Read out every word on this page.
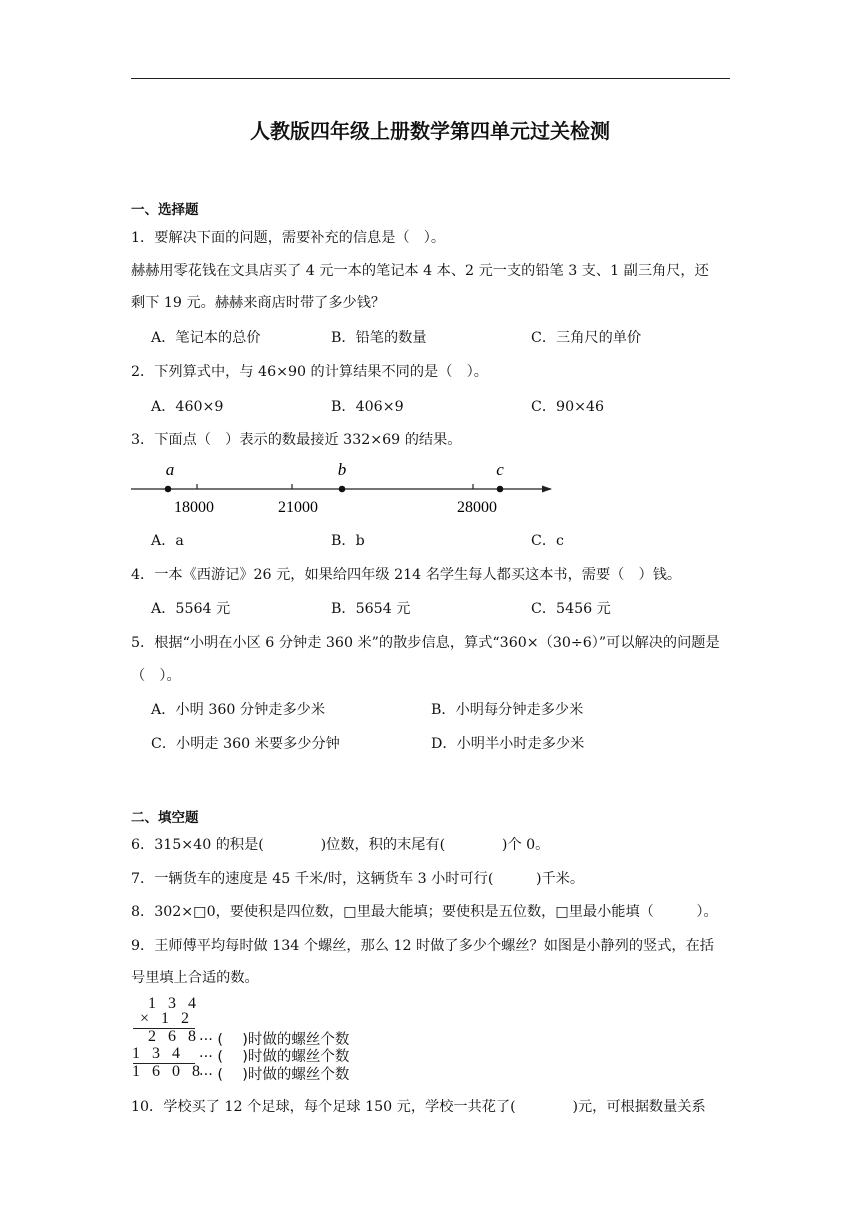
人教版四年级上册数学第四单元过关检测
一、选择题
1．要解决下面的问题，需要补充的信息是（　）。
赫赫用零花钱在文具店买了 4 元一本的笔记本 4 本、2 元一支的铅笔 3 支、1 副三角尺，还
剩下 19 元。赫赫来商店时带了多少钱？
A．笔记本的总价	B．铅笔的数量	C．三角尺的单价
2．下列算式中，与 46×90 的计算结果不同的是（　）。
A．460×9	B．406×9	C．90×46
3．下面点（　）表示的数最接近 332×69 的结果。
a	b	c
18000	21000	28000
A．a	B．b	C．c
4．一本《西游记》26 元，如果给四年级 214 名学生每人都买这本书，需要（　）钱。
A．5564 元	B．5654 元	C．5456 元
5．根据“小明在小区 6 分钟走 360 米”的散步信息，算式“360×（30÷6）”可以解决的问题是
（　）。
A．小明 360 分钟走多少米	B．小明每分钟走多少米
C．小明走 360 米要多少分钟	D．小明半小时走多少米
二、填空题
6．315×40 的积是(　　　　)位数，积的末尾有(　　　　)个 0。
7．一辆货车的速度是 45 千米/时，这辆货车 3 小时可行(　　　)千米。
8．302×□0，要使积是四位数，□里最大能填；要使积是五位数，□里最小能填（　　　）。
9．王师傅平均每时做 134 个螺丝，那么 12 时做了多少个螺丝？如图是小静列的竖式，在括
号里填上合适的数。
1 3 4
× 1 2
2 6 8 ··· (　 )时做的螺丝个数
1 3 4 ··· (　 )时做的螺丝个数
1 6 0 8
··· (　 )时做的螺丝个数
10．学校买了 12 个足球，每个足球 150 元，学校一共花了(　　　　)元，可根据数量关系
